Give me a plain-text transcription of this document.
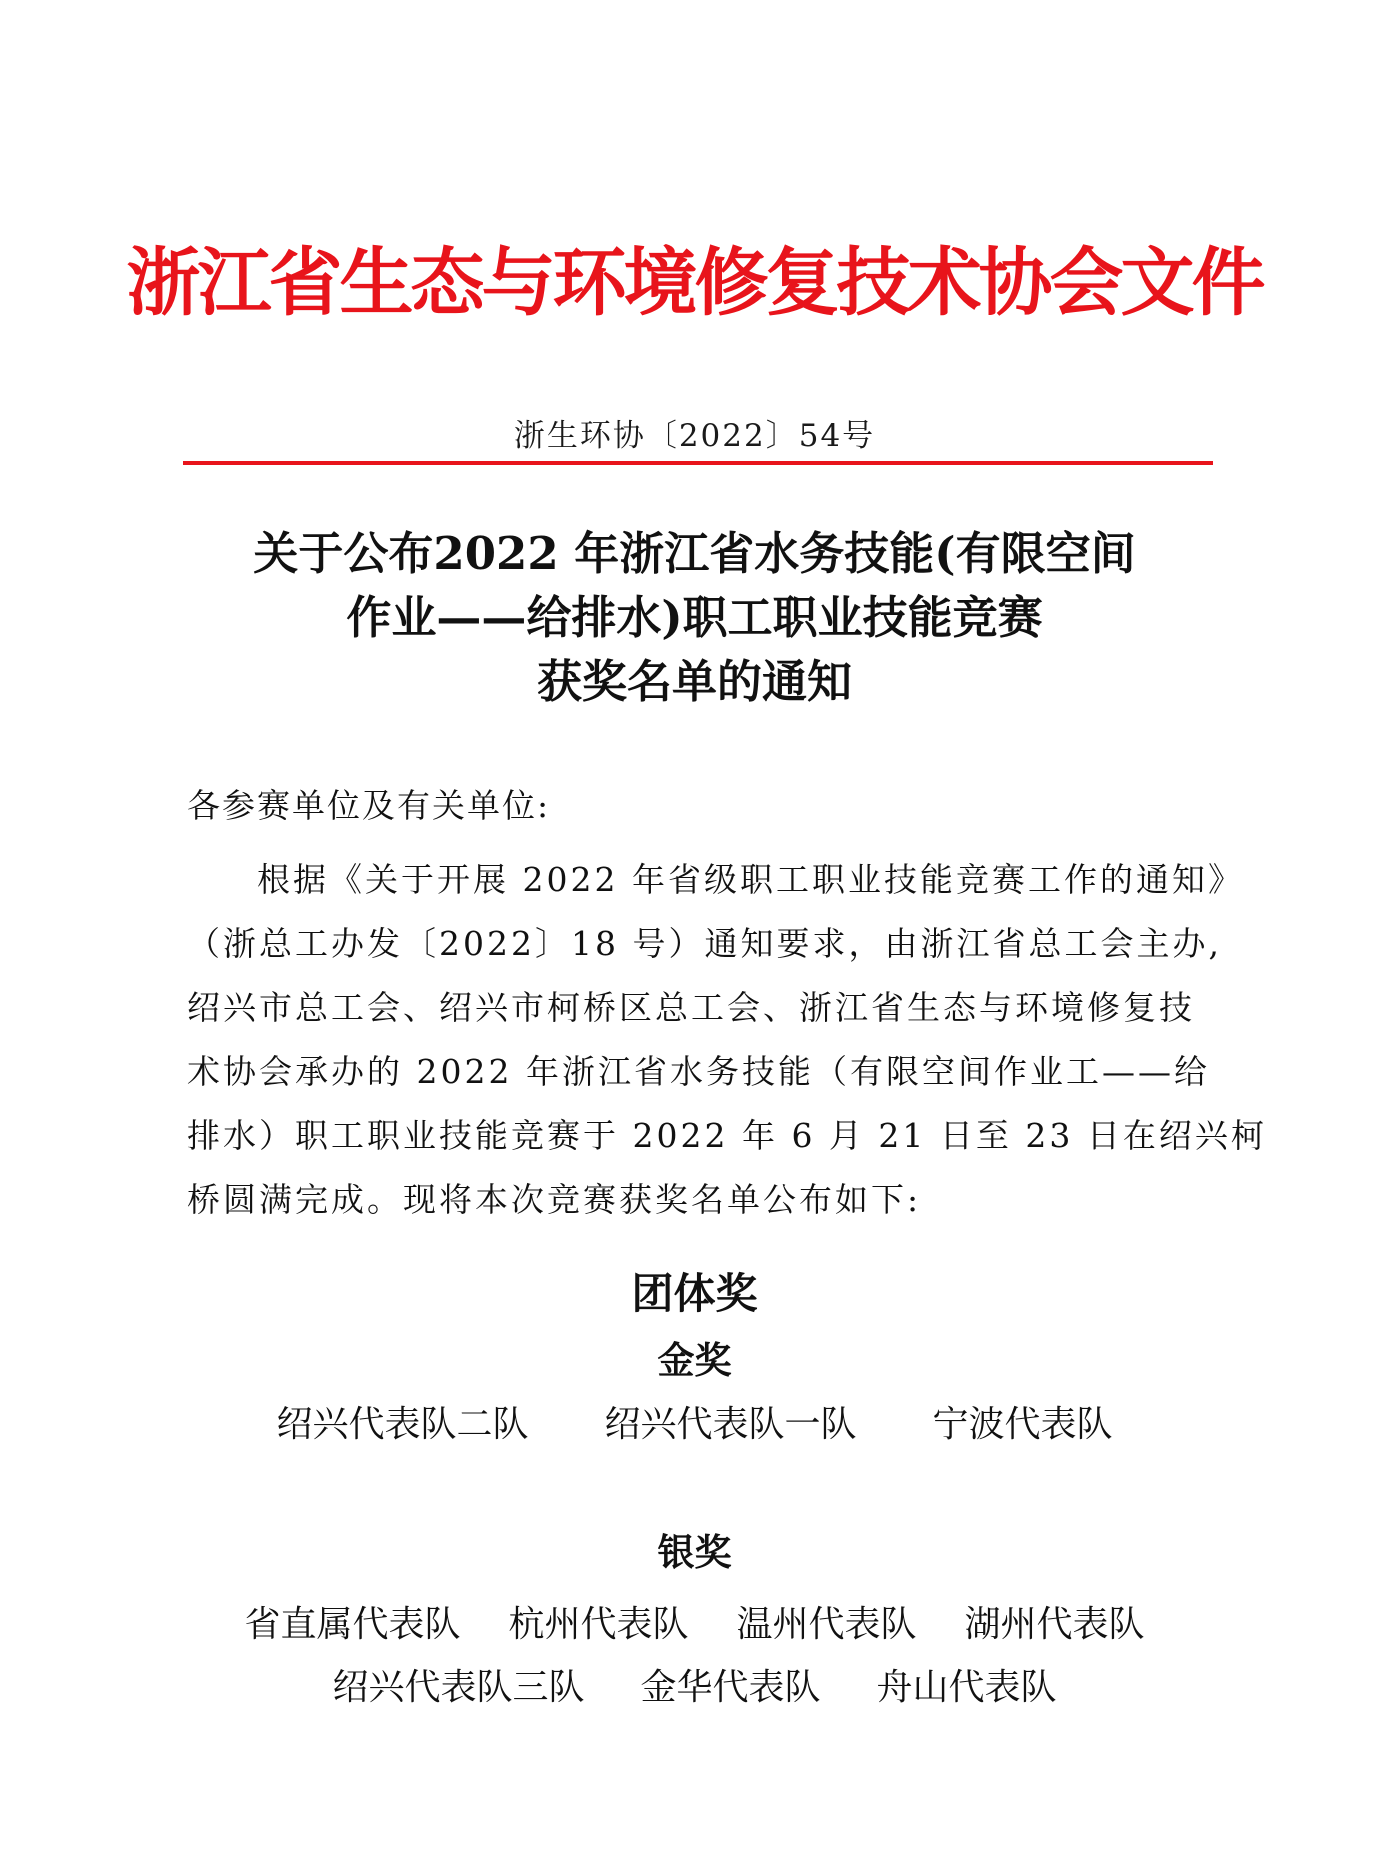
浙江省生态与环境修复技术协会文件
浙生环协〔2022〕54号
关于公布2022 年浙江省水务技能(有限空间
作业——给排水)职工职业技能竞赛
获奖名单的通知
各参赛单位及有关单位:
根据《关于开展 2022 年省级职工职业技能竞赛工作的通知》
（浙总工办发〔2022〕18 号）通知要求，由浙江省总工会主办,
绍兴市总工会、绍兴市柯桥区总工会、浙江省生态与环境修复技
术协会承办的 2022 年浙江省水务技能（有限空间作业工——给
排水）职工职业技能竞赛于 2022 年 6 月 21 日至 23 日在绍兴柯
桥圆满完成。现将本次竞赛获奖名单公布如下:
团体奖
金奖
绍兴代表队二队 绍兴代表队一队 宁波代表队
银奖
省直属代表队 杭州代表队 温州代表队 湖州代表队
绍兴代表队三队 金华代表队 舟山代表队
